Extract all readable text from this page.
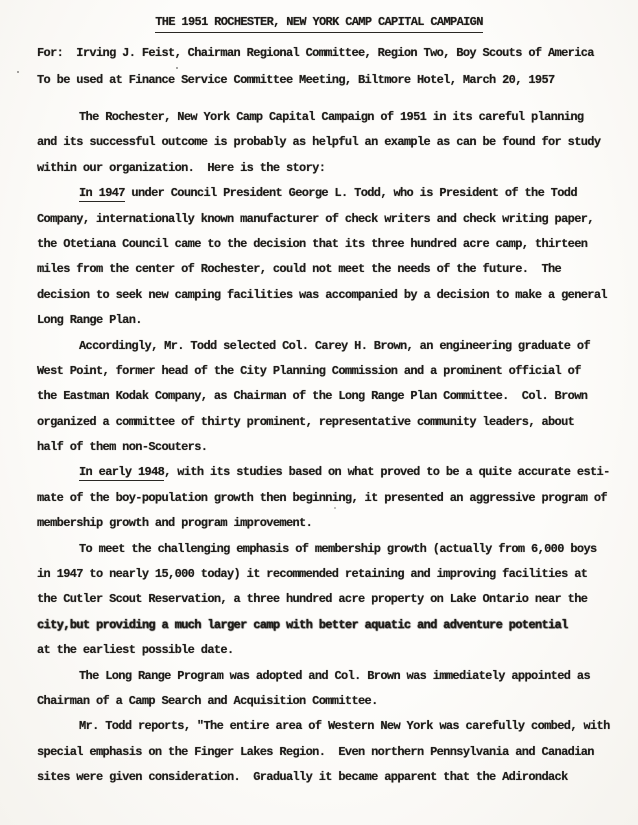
THE 1951 ROCHESTER, NEW YORK CAMP CAPITAL CAMPAIGN
For:  Irving J. Feist, Chairman Regional Committee, Region Two, Boy Scouts of America
To be used at Finance Service Committee Meeting, Biltmore Hotel, March 20, 1957
The Rochester, New York Camp Capital Campaign of 1951 in its careful planning
and its successful outcome is probably as helpful an example as can be found for study
within our organization.  Here is the story:
In 1947 under Council President George L. Todd, who is President of the Todd
Company, internationally known manufacturer of check writers and check writing paper,
the Otetiana Council came to the decision that its three hundred acre camp, thirteen
miles from the center of Rochester, could not meet the needs of the future.  The
decision to seek new camping facilities was accompanied by a decision to make a general
Long Range Plan.
Accordingly, Mr. Todd selected Col. Carey H. Brown, an engineering graduate of
West Point, former head of the City Planning Commission and a prominent official of
the Eastman Kodak Company, as Chairman of the Long Range Plan Committee.  Col. Brown
organized a committee of thirty prominent, representative community leaders, about
half of them non-Scouters.
In early 1948, with its studies based on what proved to be a quite accurate esti-
mate of the boy-population growth then beginning, it presented an aggressive program of
membership growth and program improvement.
To meet the challenging emphasis of membership growth (actually from 6,000 boys
in 1947 to nearly 15,000 today) it recommended retaining and improving facilities at
the Cutler Scout Reservation, a three hundred acre property on Lake Ontario near the
city,but providing a much larger camp with better aquatic and adventure potential
at the earliest possible date.
The Long Range Program was adopted and Col. Brown was immediately appointed as
Chairman of a Camp Search and Acquisition Committee.
Mr. Todd reports, "The entire area of Western New York was carefully combed, with
special emphasis on the Finger Lakes Region.  Even northern Pennsylvania and Canadian
sites were given consideration.  Gradually it became apparent that the Adirondack
